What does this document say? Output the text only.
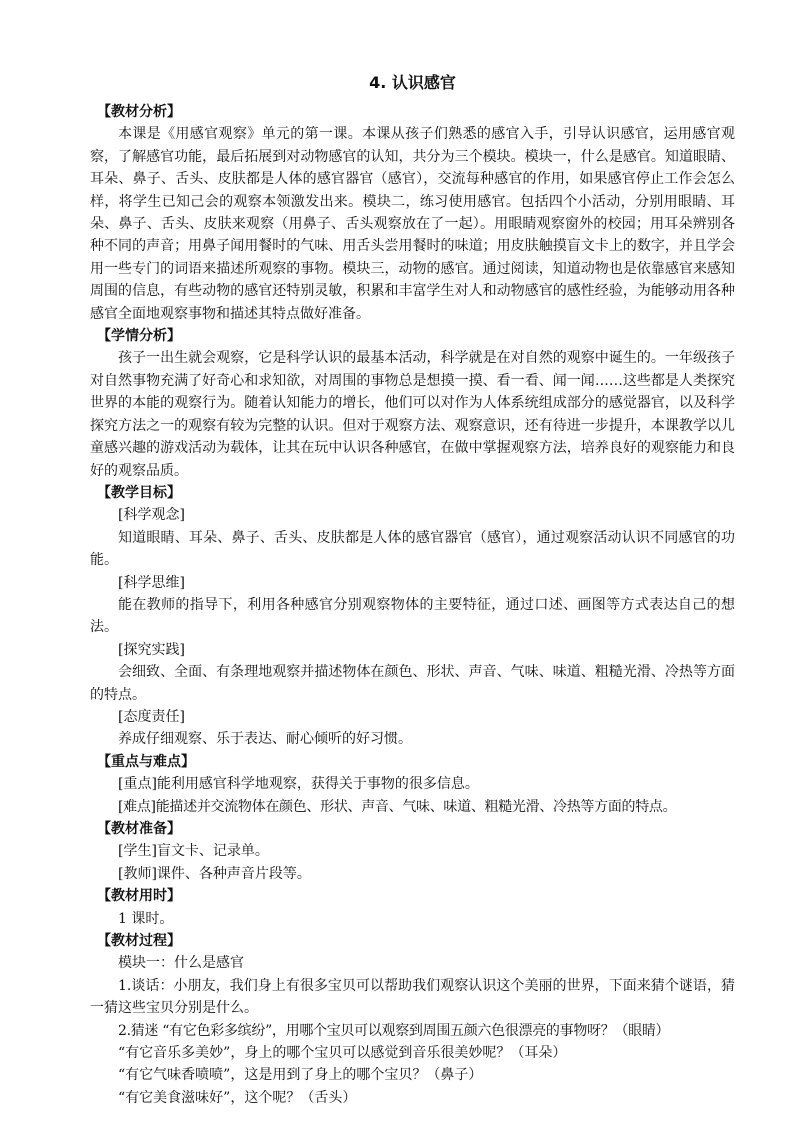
4. 认识感官

【教材分析】

本课是《用感官观察》单元的第一课。本课从孩子们熟悉的感官入手，引导认识感官，运用感官观察，了解感官功能，最后拓展到对动物感官的认知，共分为三个模块。模块一，什么是感官。知道眼睛、耳朵、鼻子、舌头、皮肤都是人体的感官器官（感官），交流每种感官的作用，如果感官停止工作会怎么样，将学生已知己会的观察本领激发出来。模块二，练习使用感官。包括四个小活动，分别用眼睛、耳朵、鼻子、舌头、皮肤来观察（用鼻子、舌头观察放在了一起）。用眼睛观察窗外的校园；用耳朵辨别各种不同的声音；用鼻子闻用餐时的气味、用舌头尝用餐时的味道；用皮肤触摸盲文卡上的数字，并且学会用一些专门的词语来描述所观察的事物。模块三，动物的感官。通过阅读，知道动物也是依靠感官来感知周围的信息，有些动物的感官还特别灵敏，积累和丰富学生对人和动物感官的感性经验，为能够动用各种感官全面地观察事物和描述其特点做好准备。

【学情分析】

孩子一出生就会观察，它是科学认识的最基本活动，科学就是在对自然的观察中诞生的。一年级孩子对自然事物充满了好奇心和求知欲，对周围的事物总是想摸一摸、看一看、闻一闻……这些都是人类探究世界的本能的观察行为。随着认知能力的增长，他们可以对作为人体系统组成部分的感觉器官，以及科学探究方法之一的观察有较为完整的认识。但对于观察方法、观察意识，还有待进一步提升，本课教学以儿童感兴趣的游戏活动为载体，让其在玩中认识各种感官，在做中掌握观察方法，培养良好的观察能力和良好的观察品质。

【教学目标】

[科学观念]

知道眼睛、耳朵、鼻子、舌头、皮肤都是人体的感官器官（感官），通过观察活动认识不同感官的功能。

[科学思维]

能在教师的指导下，利用各种感官分别观察物体的主要特征，通过口述、画图等方式表达自己的想法。

[探究实践]

会细致、全面、有条理地观察并描述物体在颜色、形状、声音、气味、味道、粗糙光滑、冷热等方面的特点。

[态度责任]

养成仔细观察、乐于表达、耐心倾听的好习惯。

【重点与难点】

[重点]能利用感官科学地观察，获得关于事物的很多信息。

[难点]能描述并交流物体在颜色、形状、声音、气味、味道、粗糙光滑、冷热等方面的特点。

【教材准备】

[学生]盲文卡、记录单。

[教师]课件、各种声音片段等。

【教材用时】

1 课时。

【教材过程】

模块一：什么是感官

1.谈话：小朋友，我们身上有很多宝贝可以帮助我们观察认识这个美丽的世界，下面来猜个谜语，猜一猜这些宝贝分别是什么。

2.猜迷 “有它色彩多缤纷”，用哪个宝贝可以观察到周围五颜六色很漂亮的事物呀？（眼睛）

“有它音乐多美妙”，身上的哪个宝贝可以感觉到音乐很美妙呢？（耳朵）

“有它气味香喷喷”，这是用到了身上的哪个宝贝？（鼻子）

“有它美食滋味好”，这个呢？（舌头）
